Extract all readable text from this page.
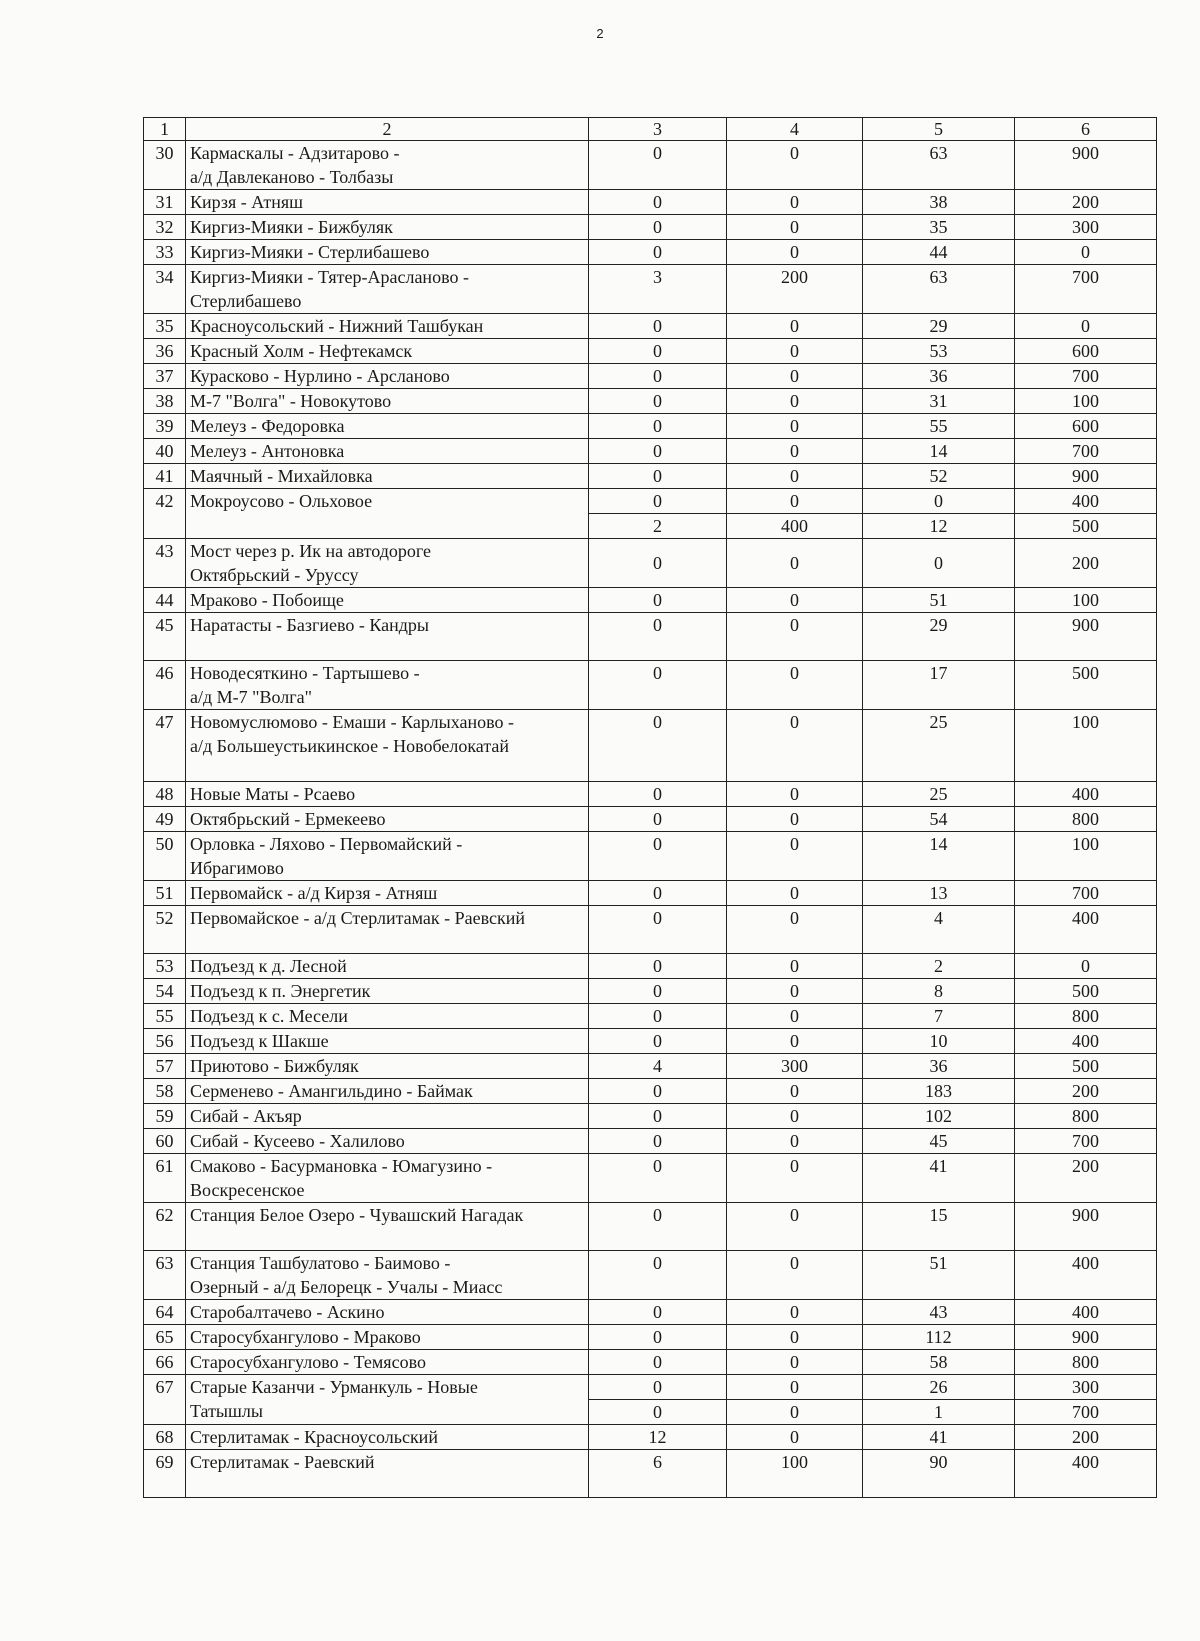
2
1	2	3	4	5	6
30	Кармаскалы - Адзитарово -
а/д Давлеканово - Толбазы	0	0	63	900
31	Кирзя - Атняш	0	0	38	200
32	Киргиз-Мияки - Бижбуляк	0	0	35	300
33	Киргиз-Мияки - Стерлибашево	0	0	44	0
34	Киргиз-Мияки - Тятер-Арасланово -
Стерлибашево	3	200	63	700
35	Красноусольский - Нижний Ташбукан	0	0	29	0
36	Красный Холм - Нефтекамск	0	0	53	600
37	Курасково - Нурлино - Арсланово	0	0	36	700
38	М-7 "Волга" - Новокутово	0	0	31	100
39	Мелеуз - Федоровка	0	0	55	600
40	Мелеуз - Антоновка	0	0	14	700
41	Маячный - Михайловка	0	0	52	900
42	Мокроусово - Ольховое	0	0	0	400
		2	400	12	500
43	Мост через р. Ик на автодороге
Октябрьский - Уруссу	0	0	0	200
44	Мраково - Побоище	0	0	51	100
45	Наратасты - Базгиево - Кандры	0	0	29	900
46	Новодесяткино - Тартышево -
а/д М-7 "Волга"	0	0	17	500
47	Новомуслюмово - Емаши - Карлыханово -
а/д Большеустьикинское - Новобелокатай	0	0	25	100
48	Новые Маты - Рсаево	0	0	25	400
49	Октябрьский - Ермекеево	0	0	54	800
50	Орловка - Ляхово - Первомайский -
Ибрагимово	0	0	14	100
51	Первомайск - а/д Кирзя - Атняш	0	0	13	700
52	Первомайское - а/д Стерлитамак - Раевский	0	0	4	400
53	Подъезд к д. Лесной	0	0	2	0
54	Подъезд к п. Энергетик	0	0	8	500
55	Подъезд к с. Месели	0	0	7	800
56	Подъезд к Шакше	0	0	10	400
57	Приютово - Бижбуляк	4	300	36	500
58	Серменево - Амангильдино - Баймак	0	0	183	200
59	Сибай - Акъяр	0	0	102	800
60	Сибай - Кусеево - Халилово	0	0	45	700
61	Смаково - Басурмановка - Юмагузино -
Воскресенское	0	0	41	200
62	Станция Белое Озеро - Чувашский Нагадак	0	0	15	900
63	Станция Ташбулатово - Баимово -
Озерный - а/д Белорецк - Учалы - Миасс	0	0	51	400
64	Старобалтачево - Аскино	0	0	43	400
65	Старосубхангулово - Мраково	0	0	112	900
66	Старосубхангулово - Темясово	0	0	58	800
67	Старые Казанчи - Урманкуль - Новые
Татышлы	0	0	26	300
		0	0	1	700
68	Стерлитамак - Красноусольский	12	0	41	200
69	Стерлитамак - Раевский	6	100	90	400
